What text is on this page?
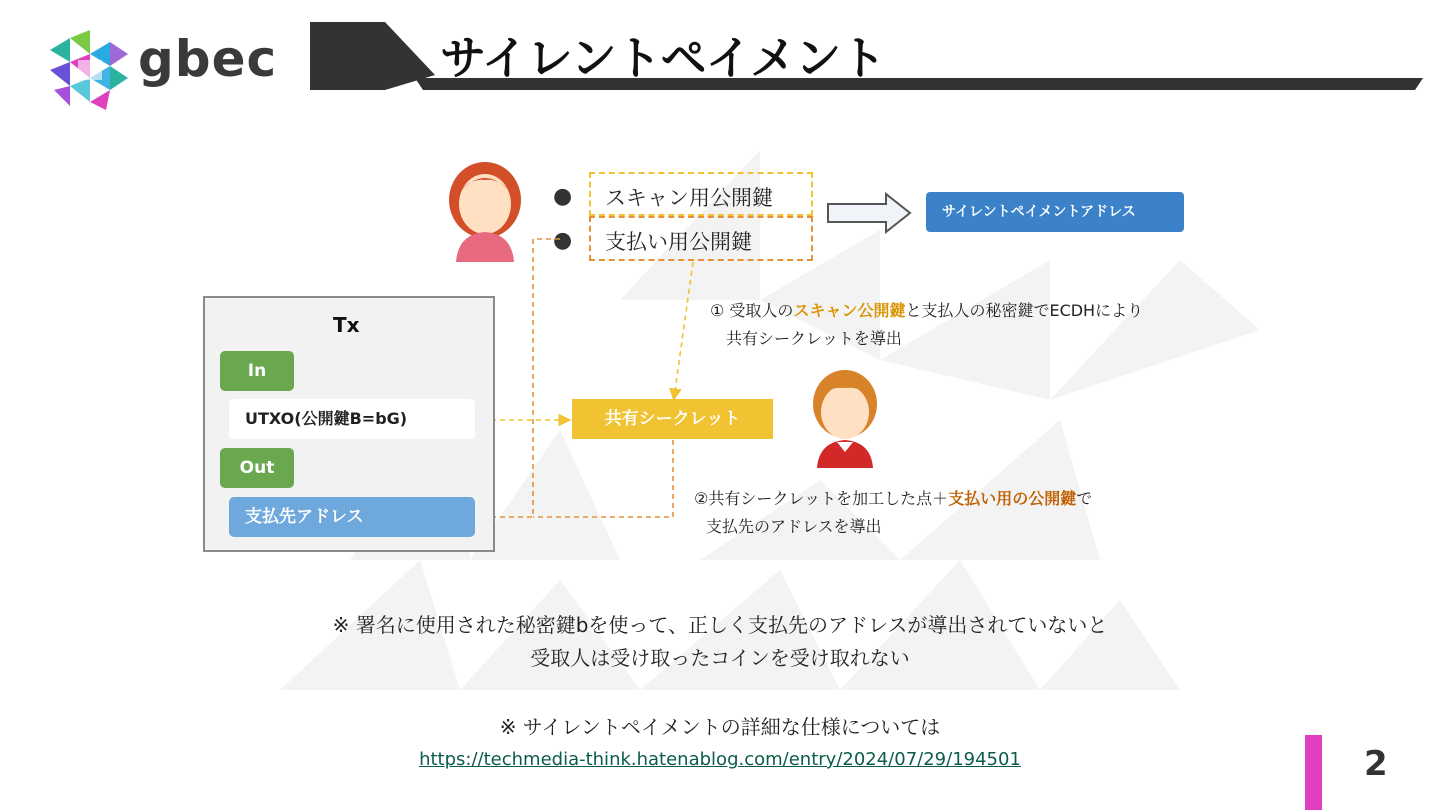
gbec	サイレントペイメント
●
●
スキャン用公開鍵
支払い用公開鍵
サイレントペイメントアドレス
Tx
In
UTXO(公開鍵B=bG)
Out
支払先アドレス
共有シークレット
① 受取人のスキャン公開鍵と支払人の秘密鍵でECDHにより
共有シークレットを導出
②共有シークレットを加工した点＋支払い用の公開鍵で
支払先のアドレスを導出
※ 署名に使用された秘密鍵bを使って、正しく支払先のアドレスが導出されていないと
受取人は受け取ったコインを受け取れない
※ サイレントペイメントの詳細な仕様については
https://techmedia-think.hatenablog.com/entry/2024/07/29/194501	2
